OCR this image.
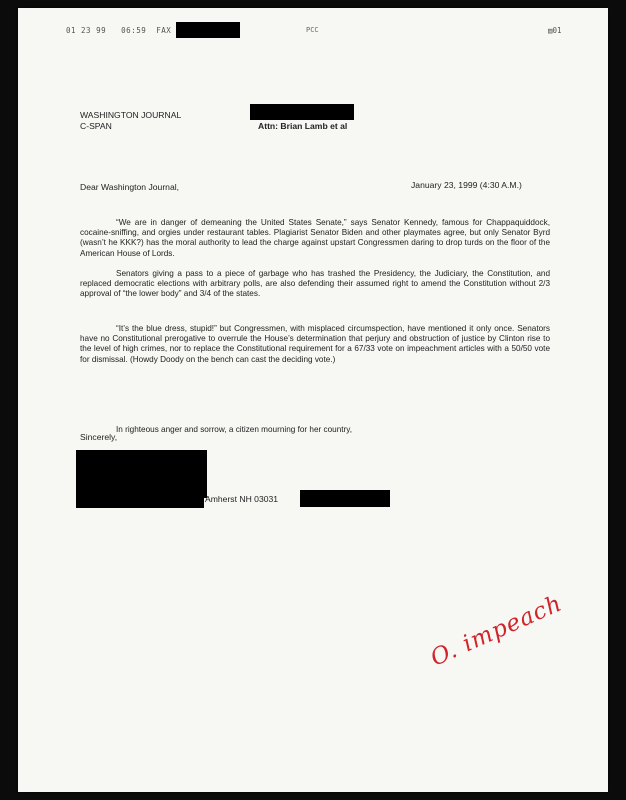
01 23 99 06:59 FAX	PCC	▤01
WASHINGTON JOURNAL
C-SPAN	Attn: Brian Lamb et al
Dear Washington Journal,	January 23, 1999 (4:30 A.M.)
“We are in danger of demeaning the United States Senate,” says Senator Kennedy, famous for Chappaquiddock, cocaine-sniffing, and orgies under restaurant tables. Plagiarist Senator Biden and other playmates agree, but only Senator Byrd (wasn’t he KKK?) has the moral authority to lead the charge against upstart Congressmen daring to drop turds on the floor of the American House of Lords.
Senators giving a pass to a piece of garbage who has trashed the Presidency, the Judiciary, the Constitution, and replaced democratic elections with arbitrary polls, are also defending their assumed right to amend the Constitution without 2/3 approval of “the lower body” and 3/4 of the states.
“It’s the blue dress, stupid!” but Congressmen, with misplaced circumspection, have mentioned it only once. Senators have no Constitutional prerogative to overrule the House’s determination that perjury and obstruction of justice by Clinton rise to the level of high crimes, nor to replace the Constitutional requirement for a 67/33 vote on impeachment articles with a 50/50 vote for dismissal. (Howdy Doody on the bench can cast the deciding vote.)
In righteous anger and sorrow, a citizen mourning for her country,
Sincerely,
Amherst NH 03031
O. impeach
